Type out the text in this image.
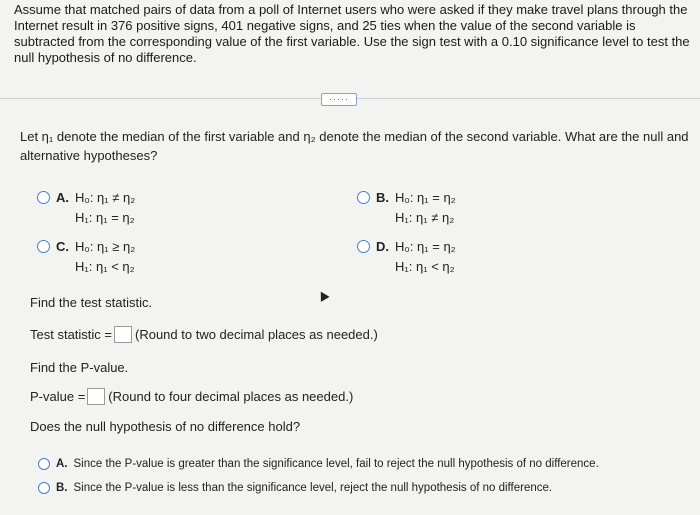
Assume that matched pairs of data from a poll of Internet users who were asked if they make travel plans through the Internet result in 376 positive signs, 401 negative signs, and 25 ties when the value of the second variable is subtracted from the corresponding value of the first variable. Use the sign test with a 0.10 significance level to test the null hypothesis of no difference.
·····
Let η₁ denote the median of the first variable and η₂ denote the median of the second variable. What are the null and alternative hypotheses?
A. H₀: η₁ ≠ η₂
H₁: η₁ = η₂
B. H₀: η₁ = η₂
H₁: η₁ ≠ η₂
C. H₀: η₁ ≥ η₂
H₁: η₁ < η₂
D. H₀: η₁ = η₂
H₁: η₁ < η₂
Find the test statistic.
Test statistic = (Round to two decimal places as needed.)
Find the P-value.
P-value = (Round to four decimal places as needed.)
Does the null hypothesis of no difference hold?
A. Since the P-value is greater than the significance level, fail to reject the null hypothesis of no difference.
B. Since the P-value is less than the significance level, reject the null hypothesis of no difference.
